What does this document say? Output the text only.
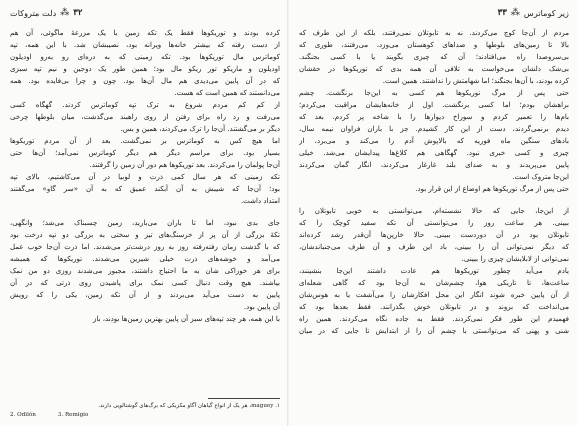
۳۲
⁂
دلت متروکات
کرده بودند و توریکوها فقط یک تکه زمین با یک مزرعهٔ ماگوئی، آن هم
از دست رفته که بیشتر خانه‌ها ویرانه بود، نصیبشان شد. با این همه، تپه
کوماترس مال توریکوها بود. تکه زمینی که به دره‌ای رو به‌رو اودیلون
اودیلون و ماریکو تور ریکو مال بود؛ همین طور یک دوجین و نیم تپه سبزی
که در آن پایین می‌دیدی هم مال آن‌ها بود. چون و چرا بی‌فایده بود. همه
می‌دانستند که همین است که هست.
از کم کم مردم شروع به ترک تپه کوماترس کردند. گهگاه کسی
می‌رفت و رد راه برای رفتن از روی راهبند می‌گذشت، میان بلوطها چرخی
دیگر بر می‌گشتند. آن‌جا را ترک می‌کردند، همین و بس.
اما هیچ کس به کوماترس بر نمی‌گشت. بعد از آن مردم توریکوها
بسیار بود. برای مراسم دیگر هم دیگر کوماترس نمی‌آمد؛ آن‌ها حتی
آن‌جا پولمان را می‌کردند. بعد توریکوها هم دور آن زمین را گرفتند.
تکه زمینی که هر سال کمی ذرت و لوبیا در آن می‌کاشتیم، بالای تپه
بود؛ آن‌جا که شیبش به آن آبکند عمیق که به آن «سر گاو» می‌گفتند
امتداد داشت.
جای بدی نبود، اما تا باران می‌بارید، زمین چسبناک می‌شد؛ وانگهی،
تکهٔ بزرگی از آن پر از خرسنگ‌های تیز و سختی به بزرگی دو تپه درخت بود
که با گذشت زمان رفته‌رفته روز به روز درشت‌تر می‌شدند. اما ذرت آن‌جا خوب عمل
می‌آمد و خوشه‌های ذرت خیلی شیرین می‌شدند. توریکوها که همیشه
برای هر خوراکی شان به ما احتیاج داشتند، مجبور می‌شدند روزی دو من نمک
بیاشند. هیچ وقت دنبال کسی نمک برای پاشیدن روی ذرتی که در آن
پایین به دست می‌آید می‌بردند و از آن تکه زمین، یکی را که رویش
آن پایین بود.
با این همه، هر چند تپه‌های سبز آن پایین بهترین زمین‌ها بودند، باز
۱. maguey، هر یک از انواع گیاهان آگاو مکزیکی که برگ‌های گوشتالویی دارند.
2. Odilón	3. Remigio
زیر کوماترس
⁂
۳۳
مردم از آن‌جا کوچ می‌کردند. نه به تابوتلان نمی‌رفتند، بلکه از این طرف که
بالا تا زمین‌های بلوطها و صداهای کوهستان می‌وزد، می‌رفتند، طوری که
بی‌سروصدا راه می‌افتادند؛ آن که چیزی بگویند یا با کسی بجنگند.
بی‌شک دلشان می‌خواست به تلافی آن همه بدی که توریکوها در حقشان
کرده بودند، با آن‌ها بجنگند؛ اما شهامتش را نداشتند. همین است.
حتی پس از مرگ توریکوها هم کسی به این‌جا برنگشت. چشم
براهشان بودم؛ اما کسی برنگشت. اول از خانه‌هایشان مراقبت می‌کردم؛
بام‌ها را تعمیر کردم و سوراخ دیوارها را با شاخه پر کردم. بعد که
دیدم برنمی‌گردند، دست از این کار کشیدم. جز با باران فراوان نیمه سال،
باد‌های سنگین ماه فوریه که بالاپوش آدم را می‌کند و می‌برد، از
چیزی و کسی خبری نبود. گهگاهی هم کلاغ‌ها پیدایشان می‌شد. خیلی
پایین می‌پریدند و به صدای بلند غارغار می‌کردند، انگار گمان می‌کردند
این‌جا متروک است.
حتی پس از مرگ توریکوها هم اوضاع از این قرار بود.
از این‌جا، جایی که حالا نشسته‌ام، می‌توانستی به خوبی تابوتلان را
ببینی. هر ساعت روز را می‌توانستی آن تکه سفید کوچک را که
تابوتلان بود در آن دوردست ببینی. حالا خارپن‌ها آن‌قدر رشد کرده‌اند
که دیگر نمی‌توانی آن را ببینی، باد این طرف و آن طرف می‌جنباندشان،
نمی‌توانی از لابلایشان چیزی را ببینی.
یادم می‌آید چطور توریکوها هم عادت داشتند این‌جا بنشینند،
ساعت‌ها، تا تاریکی هوا، چشم‌شان به آن‌جا بود که گاهی شعله‌ای
از آن پایین خبره شوند انگار این محل افکارشان را می‌آشفت یا به هوس‌شان
می‌انداخت که بروند و در تابوتلان خوش بگذرانند. فقط بعدها بود که
فهمیدم این طور فکر نمی‌کردند. فقط به جاده نگاه می‌کردند. همین راه
شنی و پهنی که می‌توانستی با چشم آن را از ابتدایش تا جایی که در میان
